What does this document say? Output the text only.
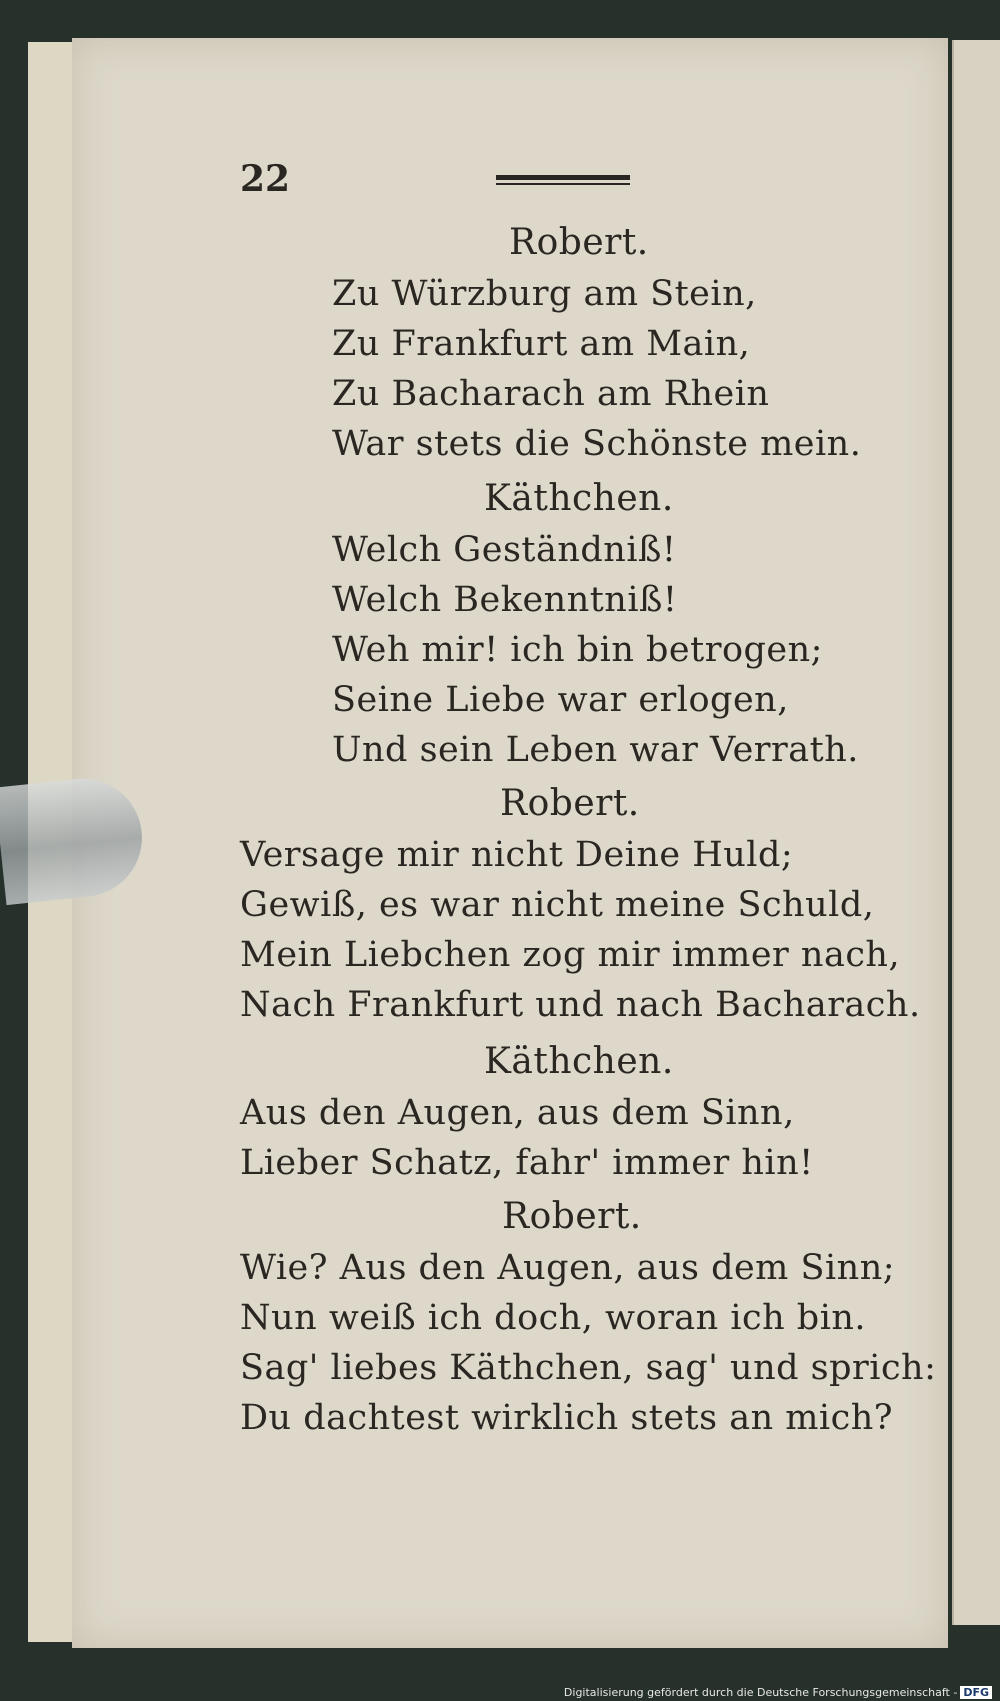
22
Robert.
Zu Würzburg am Stein,
Zu Frankfurt am Main,
Zu Bacharach am Rhein
War stets die Schönste mein.
Käthchen.
Welch Geständniß!
Welch Bekenntniß!
Weh mir! ich bin betrogen;
Seine Liebe war erlogen,
Und sein Leben war Verrath.
Robert.
Versage mir nicht Deine Huld;
Gewiß, es war nicht meine Schuld,
Mein Liebchen zog mir immer nach,
Nach Frankfurt und nach Bacharach.
Käthchen.
Aus den Augen, aus dem Sinn,
Lieber Schatz, fahr' immer hin!
Robert.
Wie? Aus den Augen, aus dem Sinn;
Nun weiß ich doch, woran ich bin.
Sag' liebes Käthchen, sag' und sprich:
Du dachtest wirklich stets an mich?
Digitalisierung gefördert durch die Deutsche Forschungsgemeinschaft - DFG
